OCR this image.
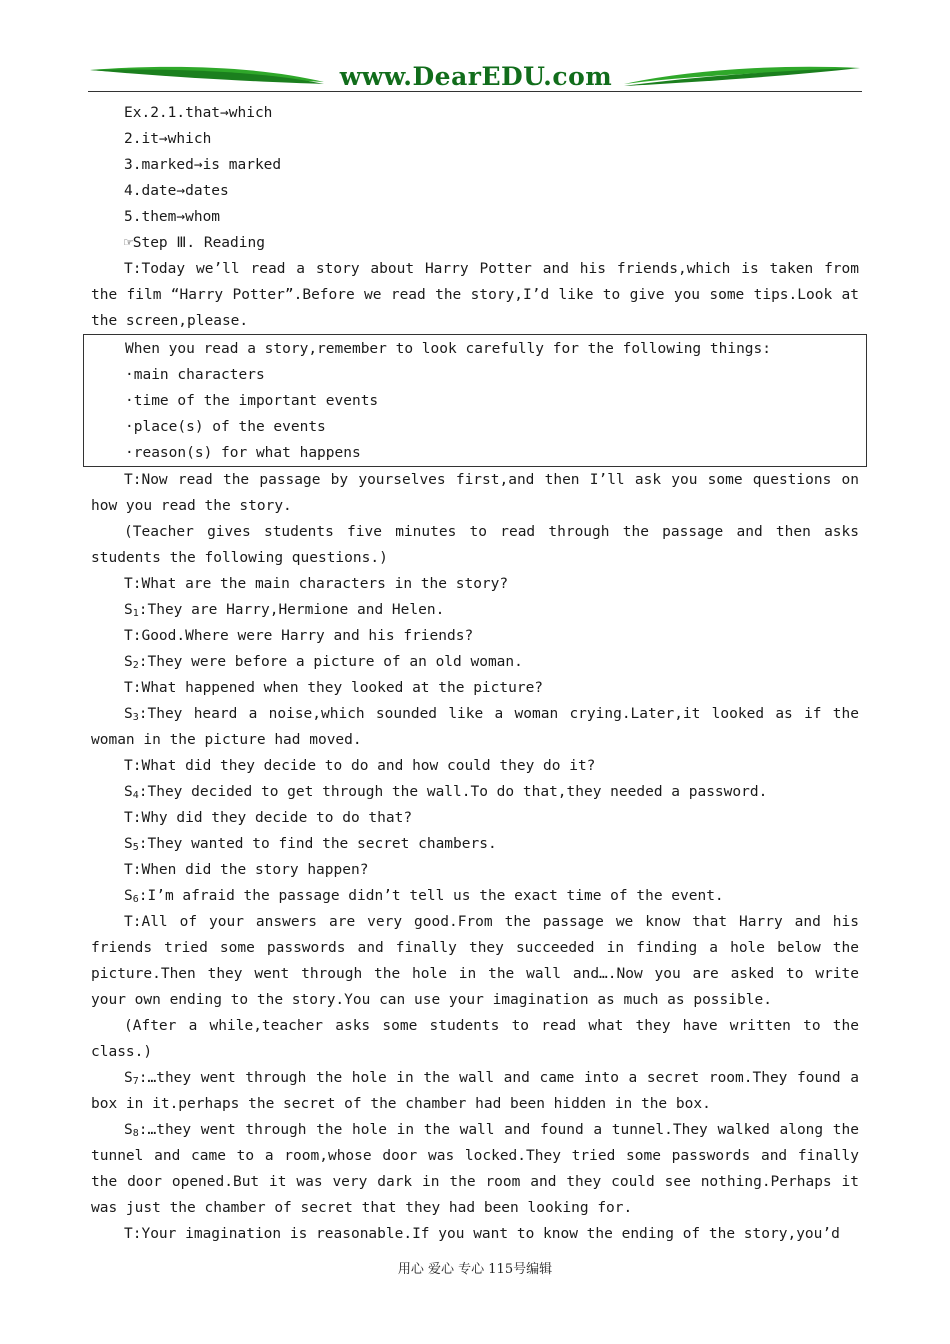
www.DearEDU.com

Ex.2.1.that→which

2.it→which

3.marked→is marked

4.date→dates

5.them→whom

☞Step Ⅲ. Reading

T:Today we’ll read a story about Harry Potter and his friends,which is taken from the film “Harry Potter”.Before we read the story,I’d like to give you some tips.Look at the screen,please.

When you read a story,remember to look carefully for the following things:

·main characters

·time of the important events

·place(s) of the events

·reason(s) for what happens

T:Now read the passage by yourselves first,and then I’ll ask you some questions on how you read the story.

(Teacher gives students five minutes to read through the passage and then asks students the following questions.)

T:What are the main characters in the story?

$S_1:They$ are Harry,Hermione and Helen.

T:Good.Where were Harry and his friends?

$S_2:They$ were before a picture of an old woman.

T:What happened when they looked at the picture?

$S_3:They$ heard a noise,which sounded like a woman crying.Later,it looked as if the woman in the picture had moved.

T:What did they decide to do and how could they do it?

$S_4:They$ decided to get through the wall.To do that,they needed a password.

T:Why did they decide to do that?

$S_5:They$ wanted to find the secret chambers.

T:When did the story happen?

$S_6:I’m$ afraid the passage didn’t tell us the exact time of the event.

T:All of your answers are very good.From the passage we know that Harry and his friends tried some passwords and finally they succeeded in finding a hole below the picture.Then they went through the hole in the wall and….Now you are asked to write your own ending to the story.You can use your imagination as much as possible.

(After a while,teacher asks some students to read what they have written to the class.)

$S_7:\dots they$ went through the hole in the wall and came into a secret room.They found a box in it.perhaps the secret of the chamber had been hidden in the box.

$S_8:\dots they$ went through the hole in the wall and found a tunnel.They walked along the tunnel and came to a room,whose door was locked.They tried some passwords and finally the door opened.But it was very dark in the room and they could see nothing.Perhaps it was just the chamber of secret that they had been looking for.

T:Your imagination is reasonable.If you want to know the ending of the story,you’d

用心 爱心 专心 115号编辑
